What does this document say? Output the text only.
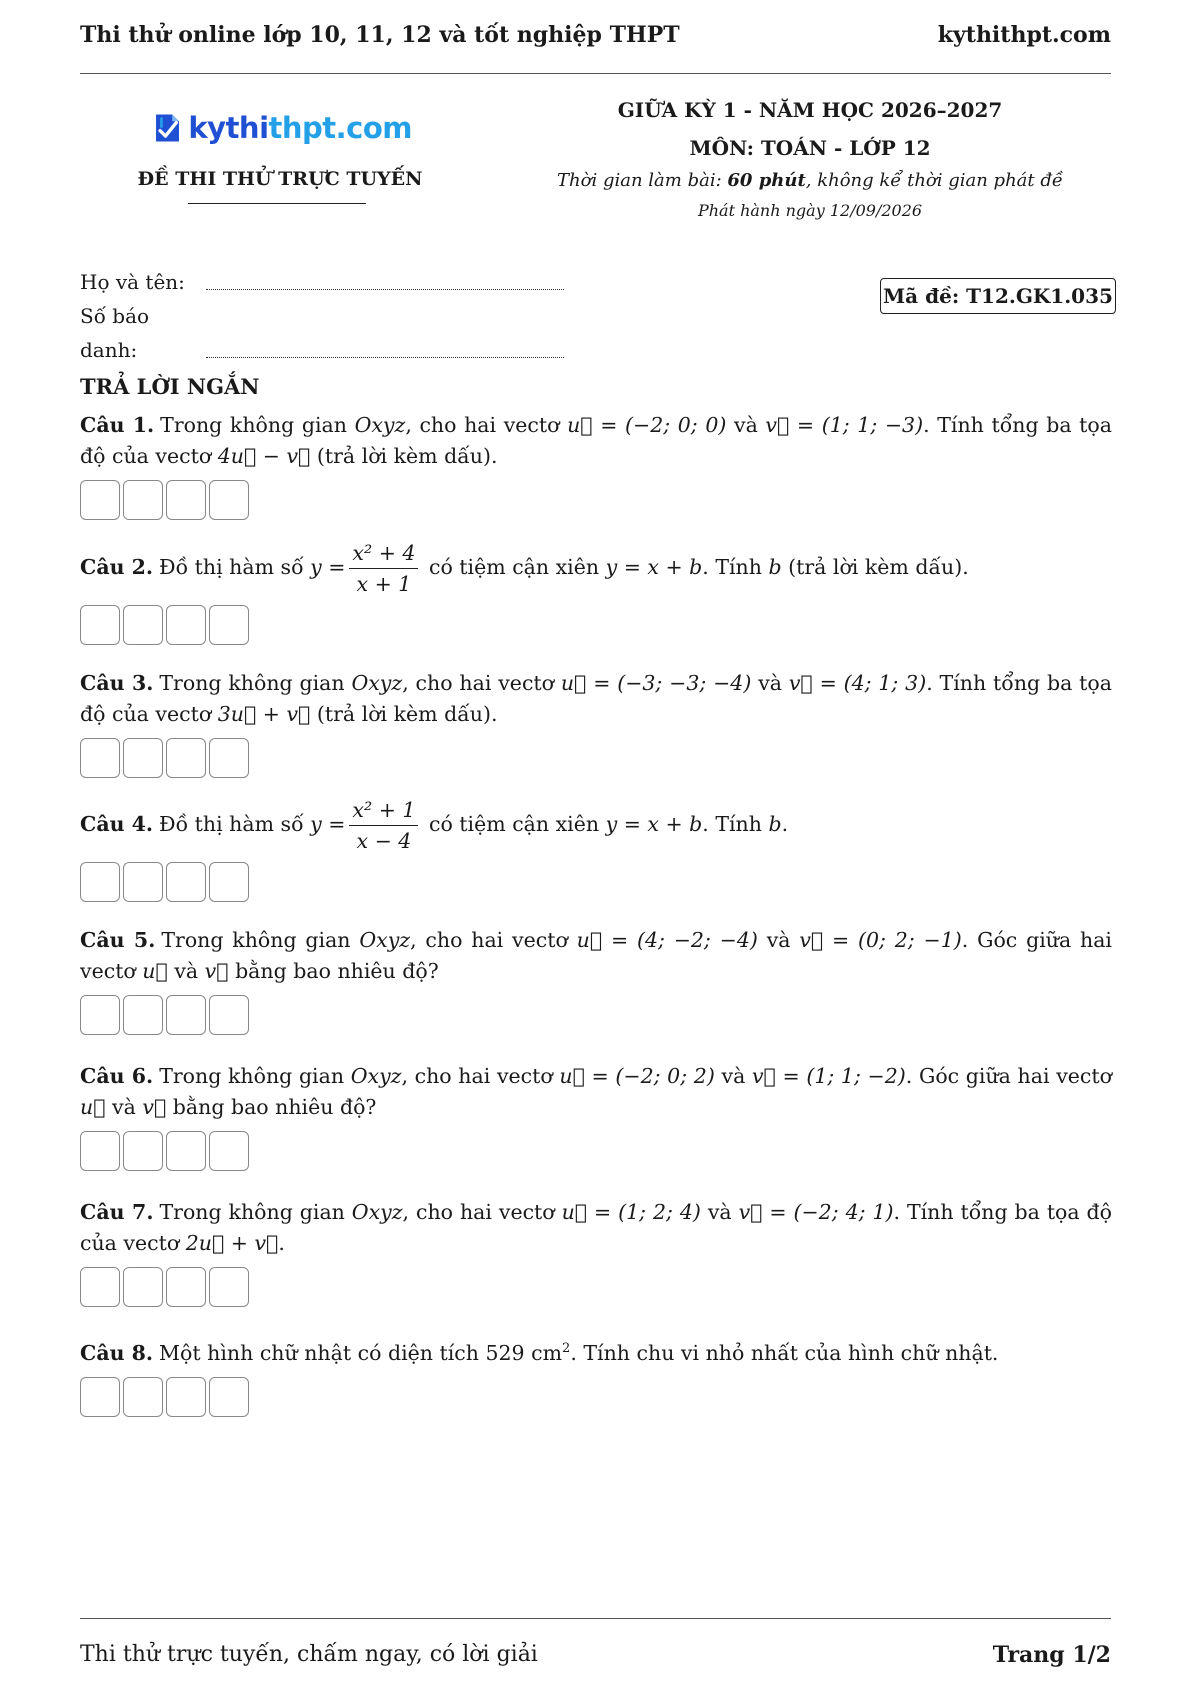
Thi thử online lớp 10, 11, 12 và tốt nghiệp THPT	kythithpt.com
kythithpt.com
ĐỀ THI THỬ TRỰC TUYẾN
GIỮA KỲ 1 - NĂM HỌC 2026–2027
MÔN: TOÁN - LỚP 12
Thời gian làm bài: 60 phút, không kể thời gian phát đề
Phát hành ngày 12/09/2026
Họ và tên:
Số báo danh:
Mã đề: T12.GK1.035
TRẢ LỜI NGẮN
Câu 1. Trong không gian Oxyz, cho hai vectơ u⃗ = (−2; 0; 0) và v⃗ = (1; 1; −3). Tính tổng ba tọa độ của vectơ 4u⃗ − v⃗ (trả lời kèm dấu).
Câu 2. Đồ thị hàm số $y = \frac{\text{x² + 4}}{x + 1}$ có tiệm cận xiên y = x + b. Tính b (trả lời kèm dấu).
Câu 3. Trong không gian Oxyz, cho hai vectơ u⃗ = (−3; −3; −4) và v⃗ = (4; 1; 3). Tính tổng ba tọa độ của vectơ 3u⃗ + v⃗ (trả lời kèm dấu).
Câu 4. Đồ thị hàm số $y = \frac{\text{x² + 1}}{x - 4}$ có tiệm cận xiên y = x + b. Tính b.
Câu 5. Trong không gian Oxyz, cho hai vectơ u⃗ = (4; −2; −4) và v⃗ = (0; 2; −1). Góc giữa hai vectơ u⃗ và v⃗ bằng bao nhiêu độ?
Câu 6. Trong không gian Oxyz, cho hai vectơ u⃗ = (−2; 0; 2) và v⃗ = (1; 1; −2). Góc giữa hai vectơ u⃗ và v⃗ bằng bao nhiêu độ?
Câu 7. Trong không gian Oxyz, cho hai vectơ u⃗ = (1; 2; 4) và v⃗ = (−2; 4; 1). Tính tổng ba tọa độ của vectơ 2u⃗ + v⃗.
Câu 8. Một hình chữ nhật có diện tích 529 $cm^2$. Tính chu vi nhỏ nhất của hình chữ nhật.
Thi thử trực tuyến, chấm ngay, có lời giải	Trang 1/2
